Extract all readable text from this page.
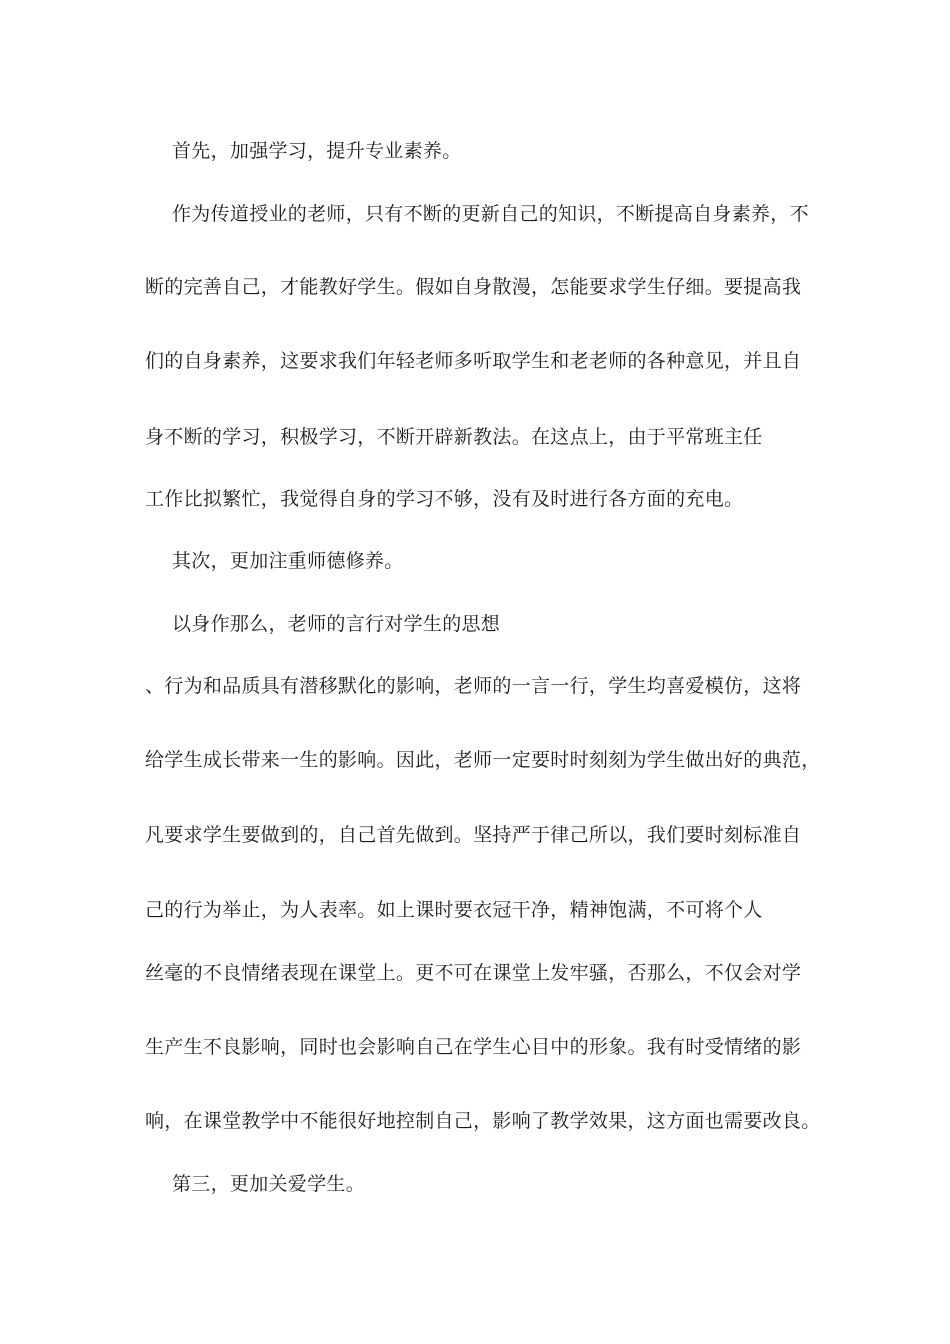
首先，加强学习，提升专业素养。

作为传道授业的老师，只有不断的更新自己的知识，不断提高自身素养，不

断的完善自己，才能教好学生。假如自身散漫，怎能要求学生仔细。要提高我

们的自身素养，这要求我们年轻老师多听取学生和老老师的各种意见，并且自

身不断的学习，积极学习，不断开辟新教法。在这点上，由于平常班主任

工作比拟繁忙，我觉得自身的学习不够，没有及时进行各方面的充电。

其次，更加注重师德修养。

以身作那么，老师的言行对学生的思想

、行为和品质具有潜移默化的影响，老师的一言一行，学生均喜爱模仿，这将

给学生成长带来一生的影响。因此，老师一定要时时刻刻为学生做出好的典范，

凡要求学生要做到的，自己首先做到。坚持严于律己所以，我们要时刻标准自

己的行为举止，为人表率。如上课时要衣冠干净，精神饱满，不可将个人

丝毫的不良情绪表现在课堂上。更不可在课堂上发牢骚，否那么，不仅会对学

生产生不良影响，同时也会影响自己在学生心目中的形象。我有时受情绪的影

响，在课堂教学中不能很好地控制自己，影响了教学效果，这方面也需要改良。

第三，更加关爱学生。
